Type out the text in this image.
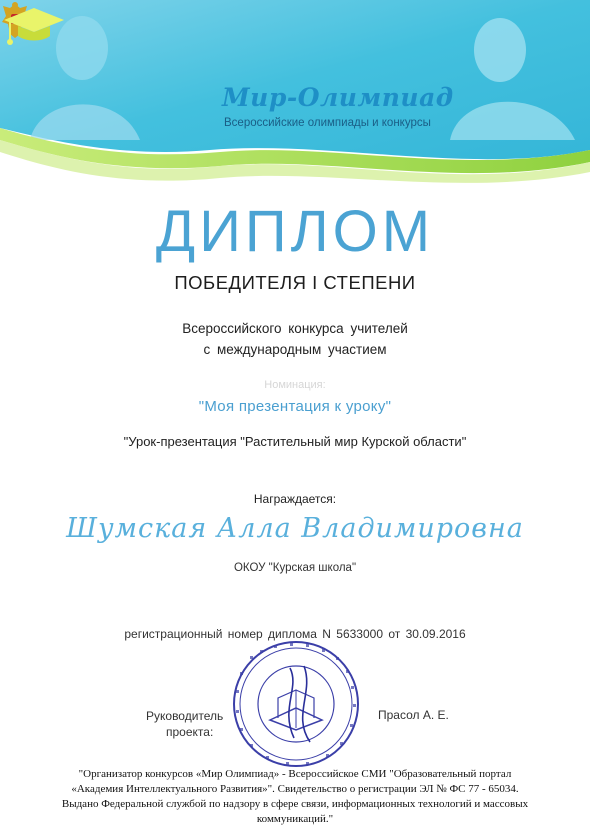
Мир-Олимпиад
Всероссийские олимпиады и конкурсы
ДИПЛОМ
ПОБЕДИТЕЛЯ I СТЕПЕНИ
Всероссийского конкурса учителей
с международным участием
Номинация:
"Моя презентация к уроку"
"Урок-презентация "Растительный мир Курской области"
Награждается:
Шумская Алла Владимировна
ОКОУ "Курская школа"
регистрационный номер диплома N 5633000 от 30.09.2016
Руководитель
проекта:
Прасол А. Е.
"Организатор конкурсов «Мир Олимпиад» - Всероссийское СМИ "Образовательный портал «Академия Интеллектуального Развития»". Свидетельство о регистрации ЭЛ № ФС 77 - 65034. Выдано Федеральной службой по надзору в сфере связи, информационных технологий и массовых коммуникаций."
